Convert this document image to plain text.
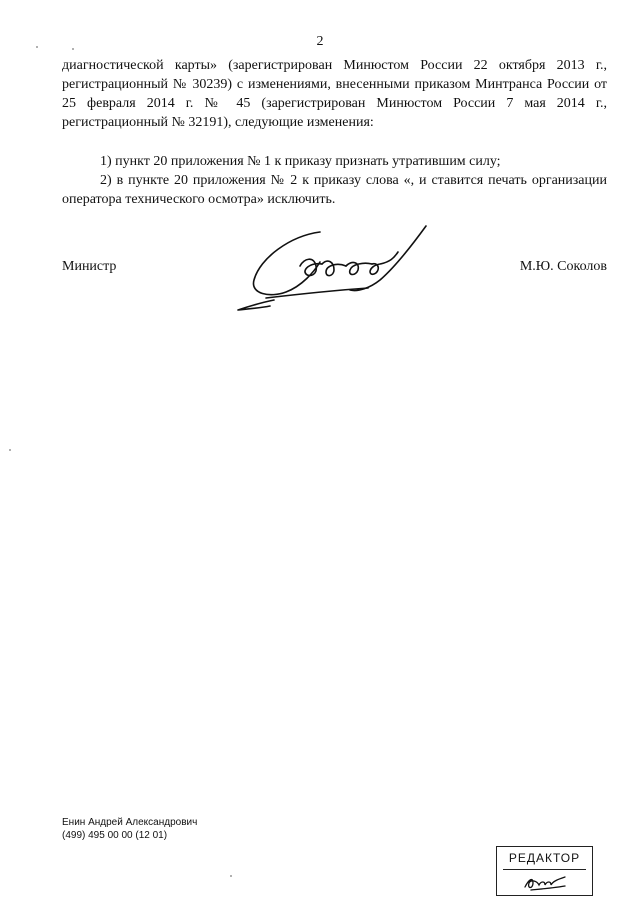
2
диагностической карты» (зарегистрирован Минюстом России 22 октября 2013 г., регистрационный № 30239) с изменениями, внесенными приказом Минтранса России от 25 февраля 2014 г. № 45 (зарегистрирован Минюстом России 7 мая 2014 г., регистрационный № 32191), следующие изменения:
1) пункт 20 приложения № 1 к приказу признать утратившим силу;
2) в пункте 20 приложения № 2 к приказу слова «, и ставится печать организации оператора технического осмотра» исключить.
Министр	М.Ю. Соколов
Енин Андрей Александрович
(499) 495 00 00 (12 01)
РЕДАКТОР
